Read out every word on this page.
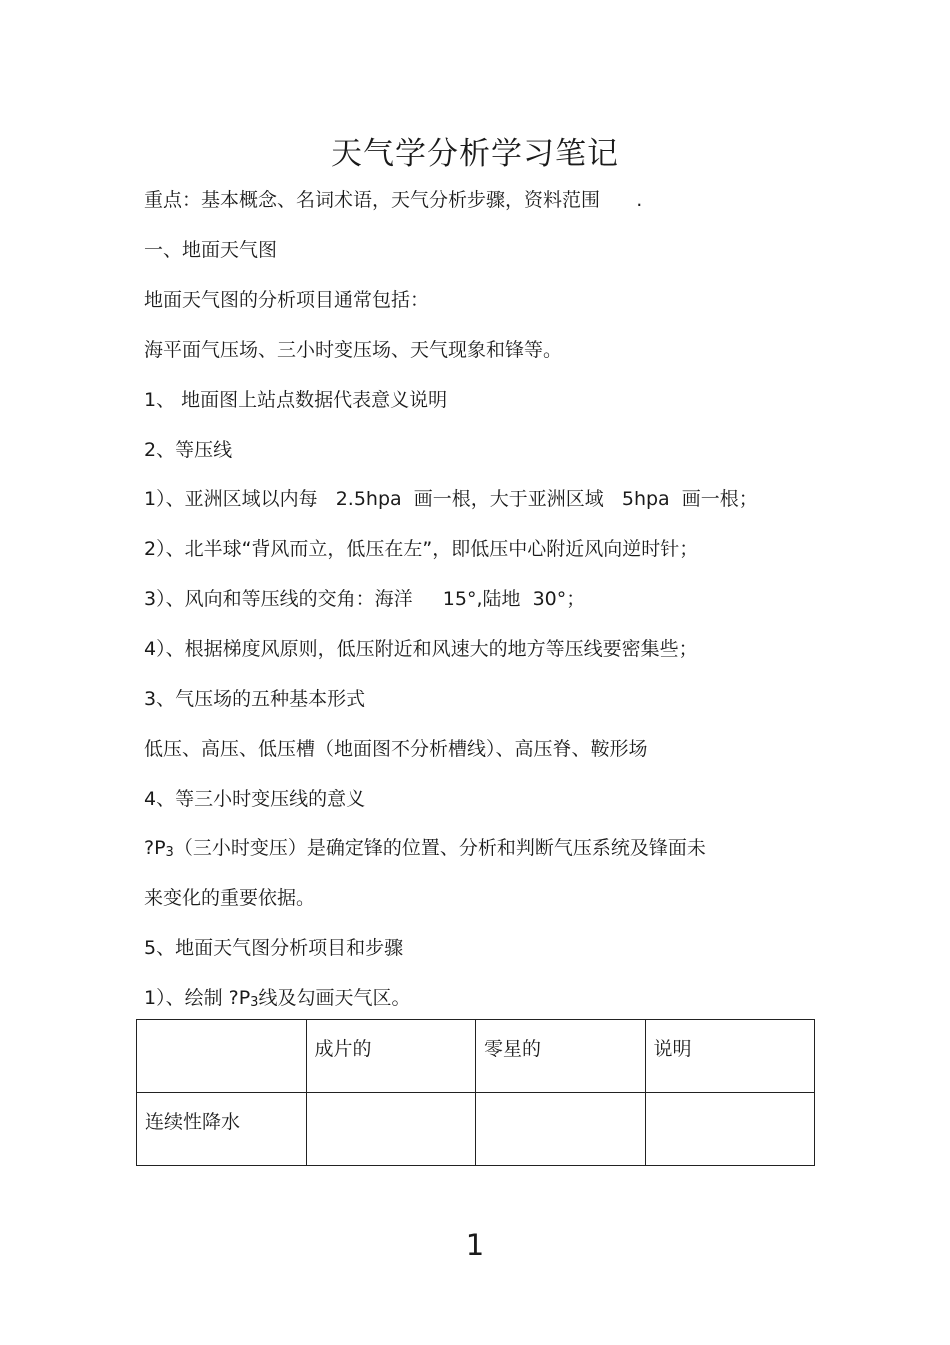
天气学分析学习笔记
重点：基本概念、名词术语，天气分析步骤，资料范围      .
一、地面天气图
地面天气图的分析项目通常包括：
海平面气压场、三小时变压场、天气现象和锋等。
1、 地面图上站点数据代表意义说明
2、等压线
1）、亚洲区域以内每   2.5hpa  画一根，大于亚洲区域   5hpa  画一根；
2）、北半球“背风而立，低压在左”，即低压中心附近风向逆时针；
3）、风向和等压线的交角：海洋     15°,陆地  30°；
4）、根据梯度风原则，低压附近和风速大的地方等压线要密集些；
3、气压场的五种基本形式
低压、高压、低压槽（地面图不分析槽线）、高压脊、鞍形场
4、等三小时变压线的意义
?P3（三小时变压）是确定锋的位置、分析和判断气压系统及锋面未
来变化的重要依据。
5、地面天气图分析项目和步骤
1）、绘制 ?P3线及勾画天气区。
	成片的	零星的	说明
连续性降水			
1
